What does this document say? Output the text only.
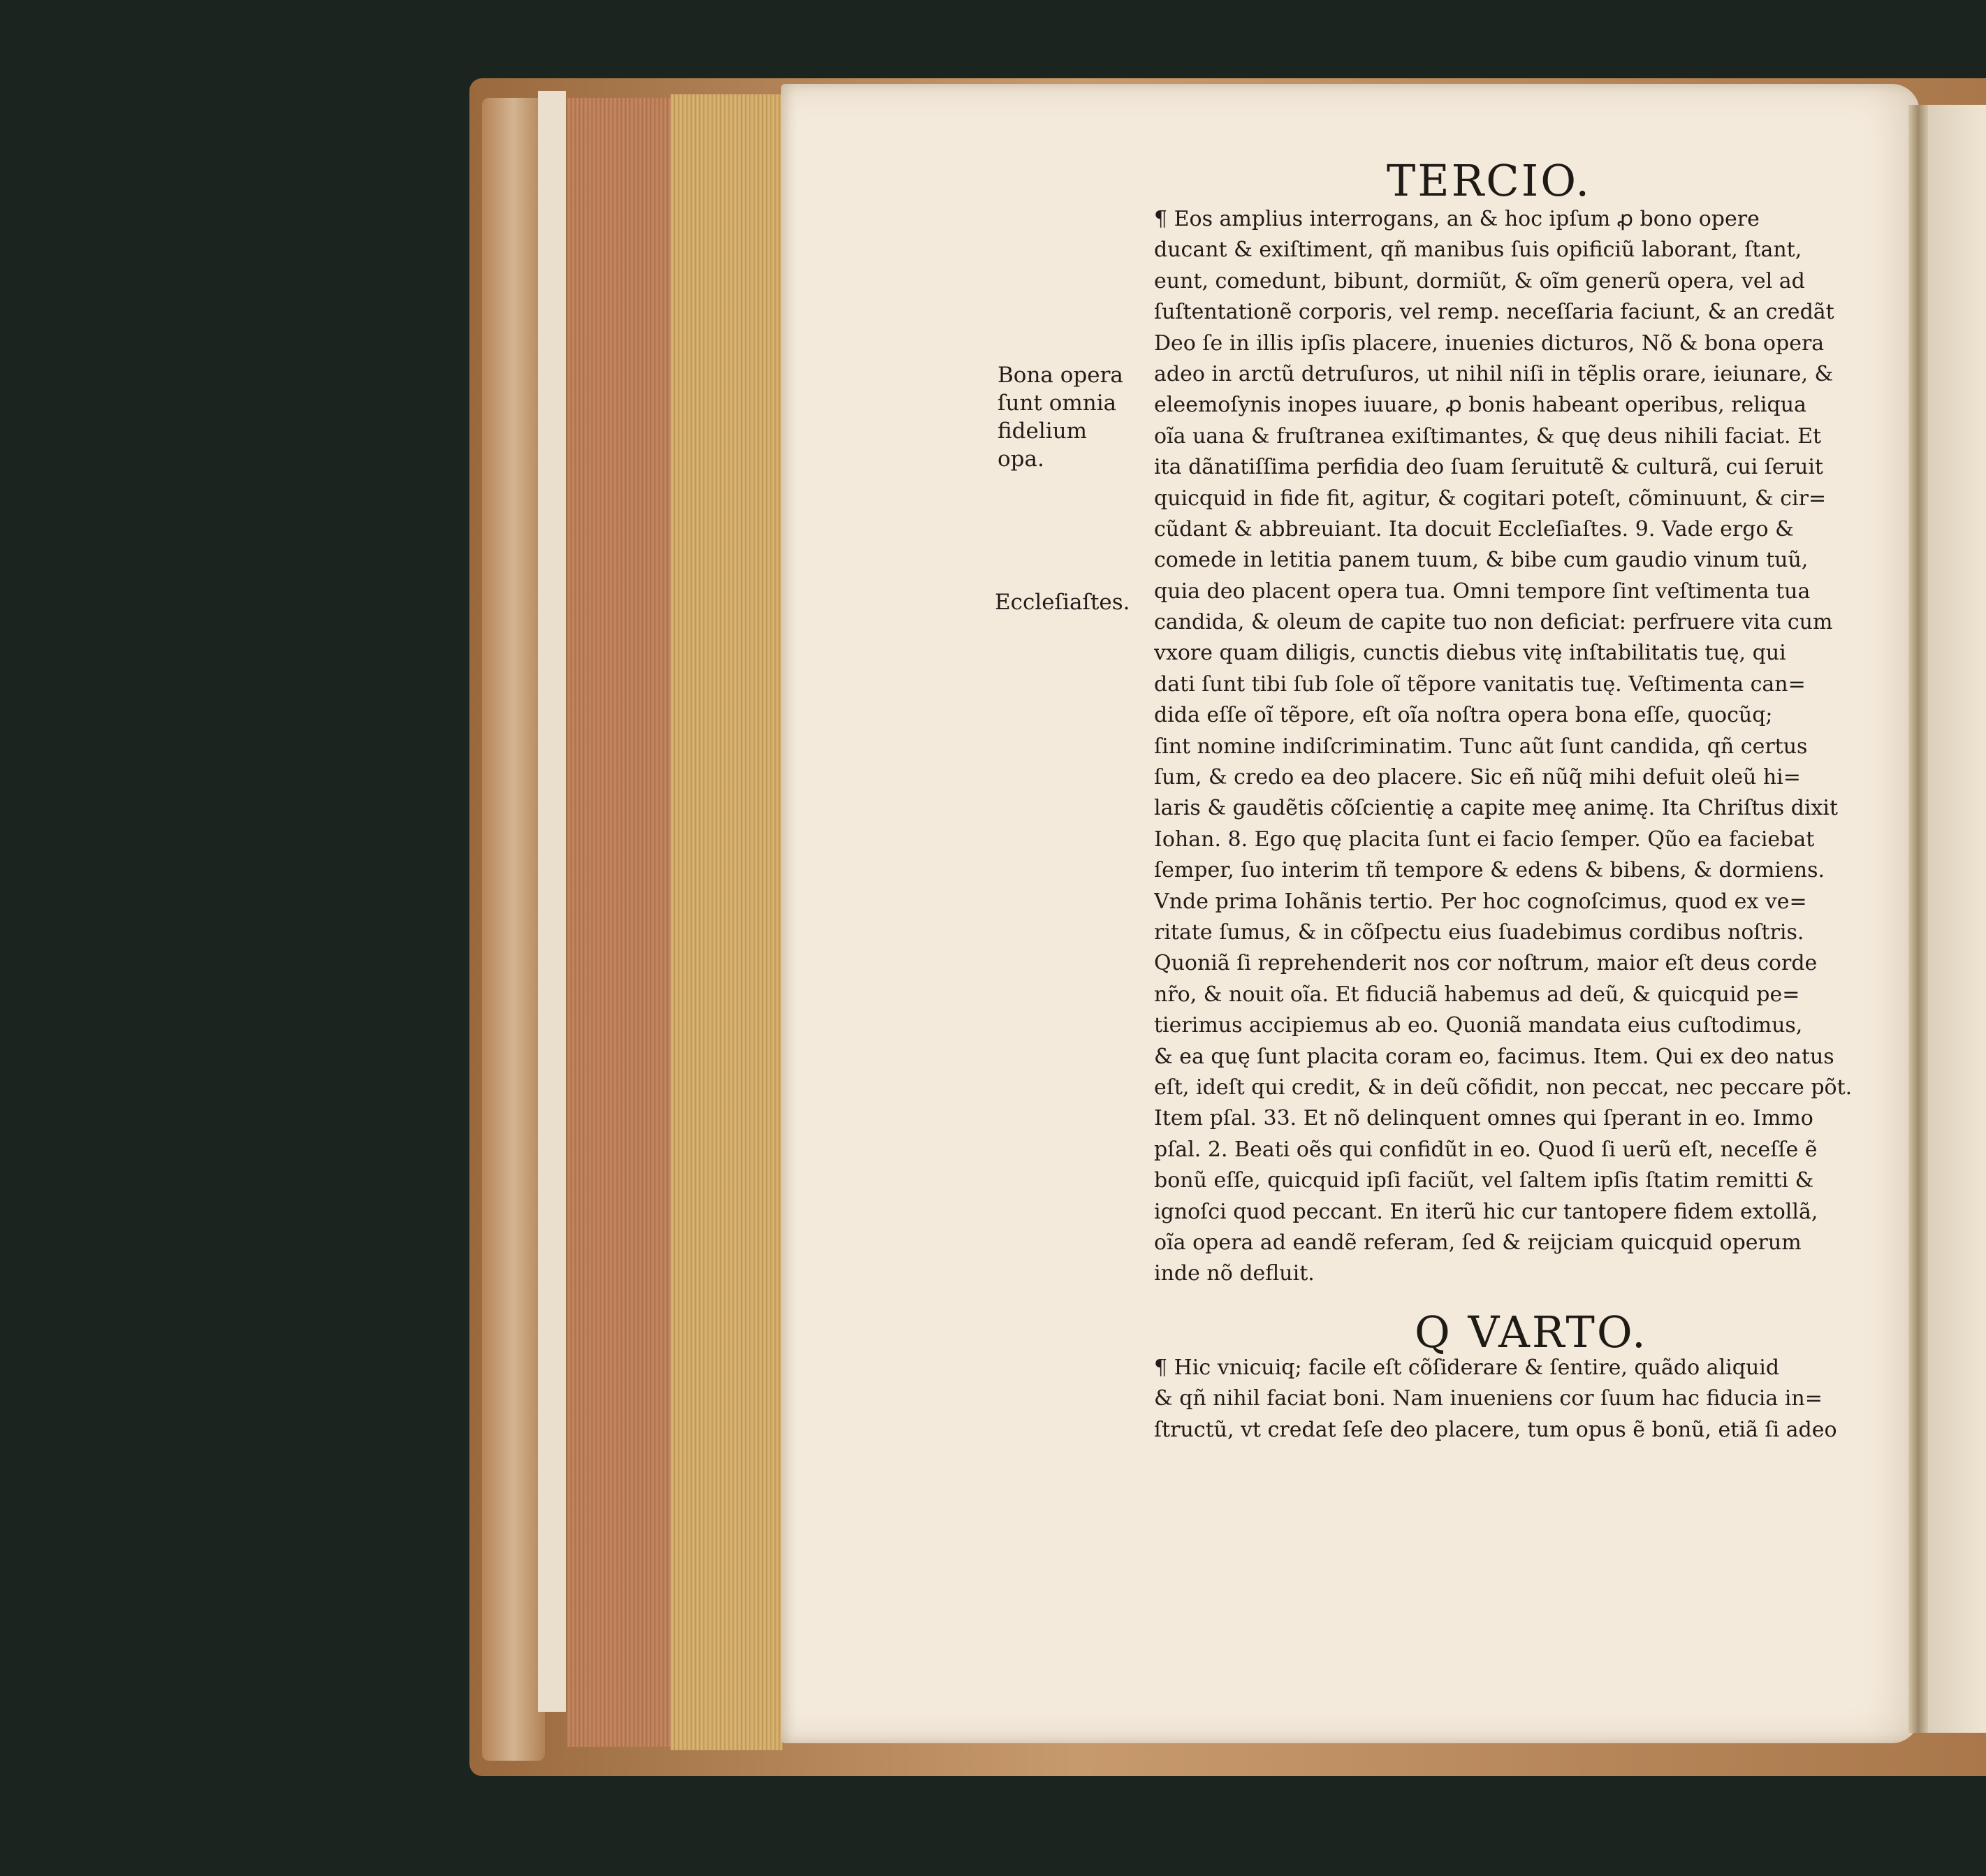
TERCIO.
Bona opera
ſunt omnia
fidelium
opa.
Eccleſiaſtes.
¶ Eos amplius interrogans, an & hoc ipſum ꝓ bono opere
ducant & exiſtiment, qñ manibus ſuis opificiũ laborant, ſtant,
eunt, comedunt, bibunt, dormiũt, & oĩm generũ opera, vel ad
ſuſtentationẽ corporis, vel remp. neceſſaria faciunt, & an credãt
Deo ſe in illis ipſis placere, inuenies dicturos, Nõ & bona opera
adeo in arctũ detruſuros, ut nihil niſi in tẽplis orare, ieiunare, &
eleemoſynis inopes iuuare, ꝓ bonis habeant operibus, reliqua
oĩa uana & fruſtranea exiſtimantes, & quę deus nihili faciat. Et
ita dãnatiſſima perfidia deo ſuam ſeruitutẽ & culturã, cui ſeruit
quicquid in fide fit, agitur, & cogitari poteſt, cõminuunt, & cir=
cũdant & abbreuiant. Ita docuit Eccleſiaſtes. 9. Vade ergo &
comede in letitia panem tuum, & bibe cum gaudio vinum tuũ,
quia deo placent opera tua. Omni tempore ſint veſtimenta tua
candida, & oleum de capite tuo non deficiat: perfruere vita cum
vxore quam diligis, cunctis diebus vitę inſtabilitatis tuę, qui
dati ſunt tibi ſub ſole oĩ tẽpore vanitatis tuę. Veſtimenta can=
dida eſſe oĩ tẽpore, eſt oĩa noſtra opera bona eſſe, quocũq;
ſint nomine indiſcriminatim. Tunc aũt ſunt candida, qñ certus
ſum, & credo ea deo placere. Sic eñ nũq̃ mihi defuit oleũ hi=
laris & gaudẽtis cõſcientię a capite meę animę. Ita Chriſtus dixit
Iohan. 8. Ego quę placita ſunt ei facio ſemper. Qũo ea faciebat
ſemper, ſuo interim tñ tempore & edens & bibens, & dormiens.
Vnde prima Iohãnis tertio. Per hoc cognoſcimus, quod ex ve=
ritate ſumus, & in cõſpectu eius ſuadebimus cordibus noſtris.
Quoniã ſi reprehenderit nos cor noſtrum, maior eſt deus corde
nr̃o, & nouit oĩa. Et fiduciã habemus ad deũ, & quicquid pe=
tierimus accipiemus ab eo. Quoniã mandata eius cuſtodimus,
& ea quę ſunt placita coram eo, facimus. Item. Qui ex deo natus
eſt, ideſt qui credit, & in deũ cõfidit, non peccat, nec peccare põt.
Item pſal. 33. Et nõ delinquent omnes qui ſperant in eo. Immo
pſal. 2. Beati oẽs qui confidũt in eo. Quod ſi uerũ eſt, neceſſe ẽ
bonũ eſſe, quicquid ipſi faciũt, vel ſaltem ipſis ſtatim remitti &
ignoſci quod peccant. En iterũ hic cur tantopere fidem extollã,
oĩa opera ad eandẽ referam, ſed & reijciam quicquid operum
inde nõ defluit.
Q VARTO.
¶ Hic vnicuiq; facile eſt cõſiderare & ſentire, quãdo aliquid
& qñ nihil faciat boni. Nam inueniens cor ſuum hac fiducia in=
ſtructũ, vt credat ſeſe deo placere, tum opus ẽ bonũ, etiã ſi adeo
